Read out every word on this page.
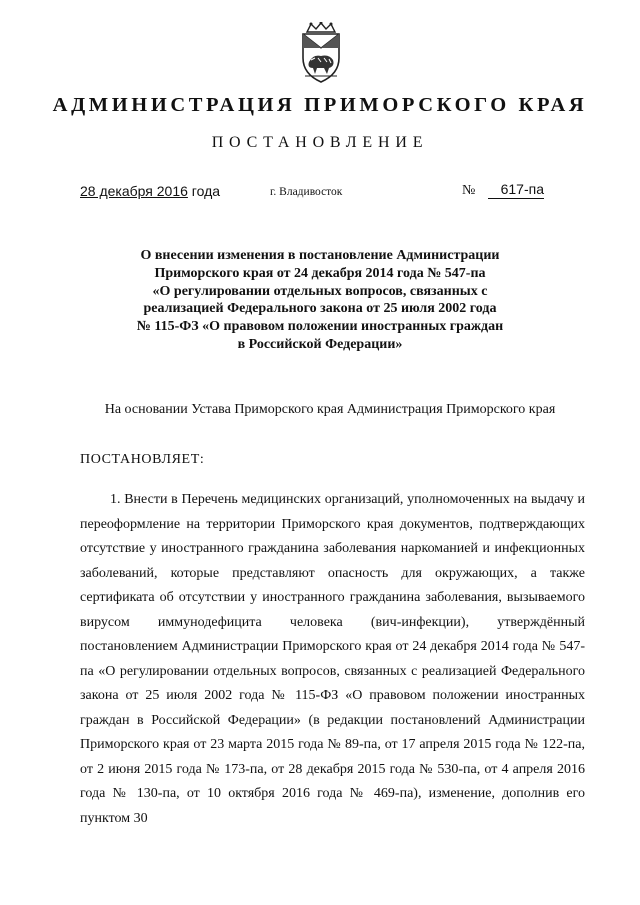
АДМИНИСТРАЦИЯ ПРИМОРСКОГО КРАЯ
ПОСТАНОВЛЕНИЕ
28 декабря 2016 года	г. Владивосток	№	617-па
О внесении изменения в постановление Администрации
Приморского края от 24 декабря 2014 года № 547-па
«О регулировании отдельных вопросов, связанных с
реализацией Федерального закона от 25 июля 2002 года
№ 115-ФЗ «О правовом положении иностранных граждан
в Российской Федерации»
На основании Устава Приморского края Администрация Приморского края
ПОСТАНОВЛЯЕТ:
1. Внести в Перечень медицинских организаций, уполномоченных на выдачу и переоформление на территории Приморского края документов, подтверждающих отсутствие у иностранного гражданина заболевания наркоманией и инфекционных заболеваний, которые представляют опасность для окружающих, а также сертификата об отсутствии у иностранного гражданина заболевания, вызываемого вирусом иммунодефицита человека (вич-инфекции), утверждённый постановлением Администрации Приморского края от 24 декабря 2014 года № 547-па «О регулировании отдельных вопросов, связанных с реализацией Федерального закона от 25 июля 2002 года № 115-ФЗ «О правовом положении иностранных граждан в Российской Федерации» (в редакции постановлений Администрации Приморского края от 23 марта 2015 года № 89-па, от 17 апреля 2015 года № 122-па, от 2 июня 2015 года № 173-па, от 28 декабря 2015 года № 530-па, от 4 апреля 2016 года № 130-па, от 10 октября 2016 года № 469-па), изменение, дополнив его пунктом 30
